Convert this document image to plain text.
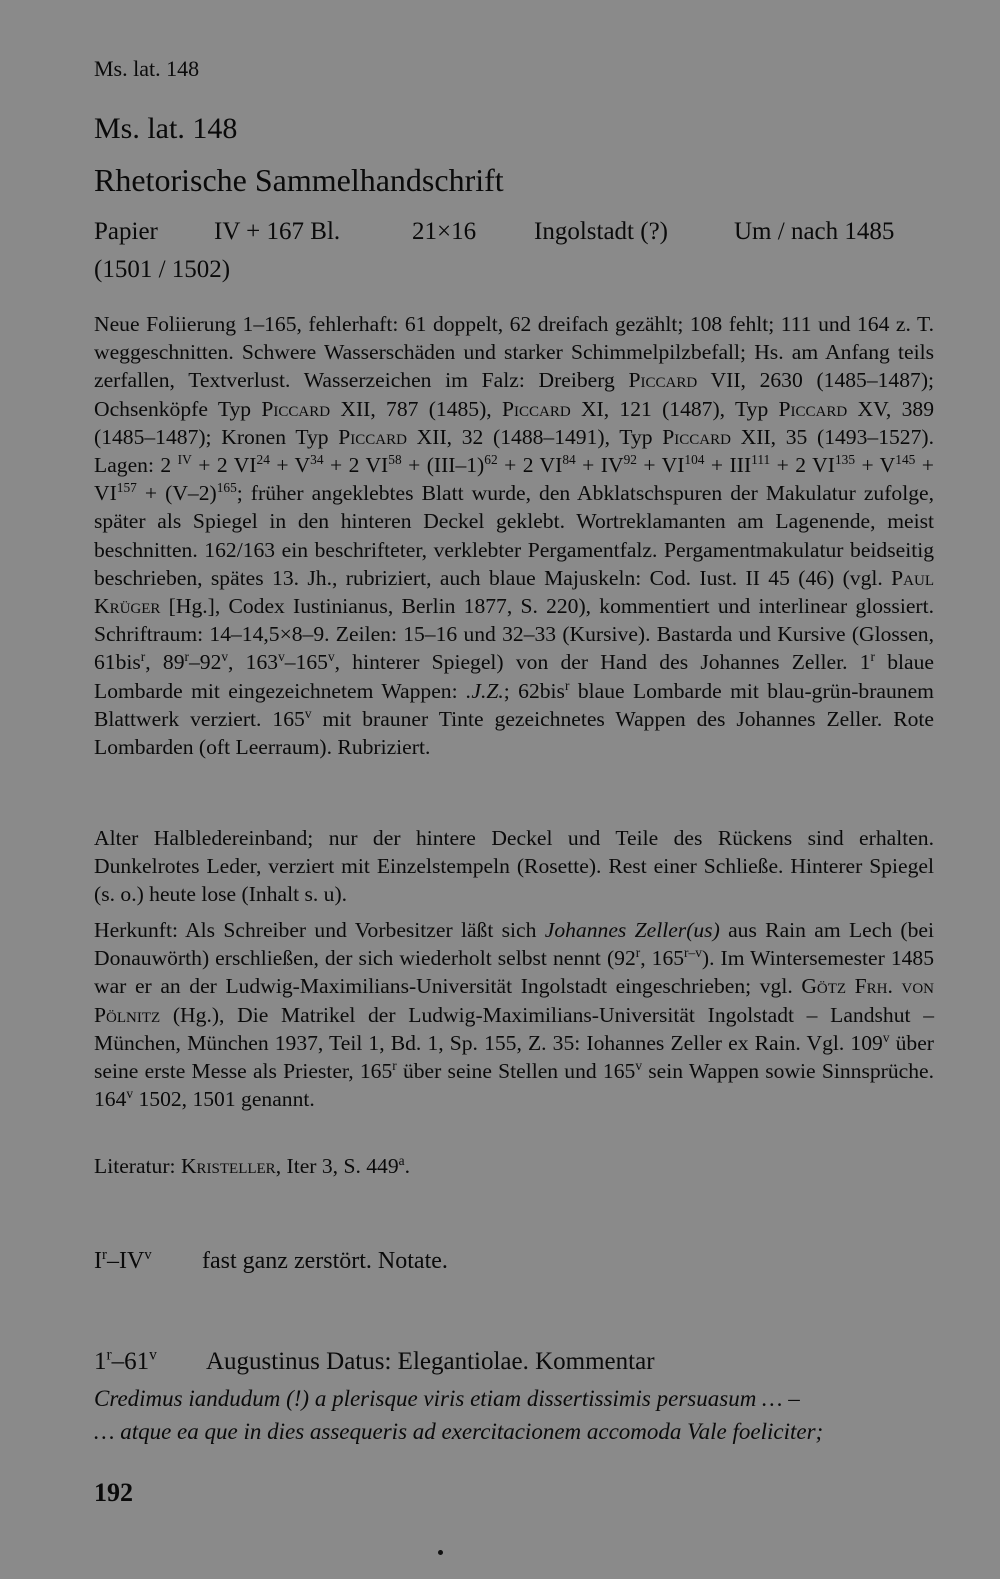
Ms. lat. 148
Ms. lat. 148
Rhetorische Sammelhandschrift
Papier IV + 167 Bl.	21×16 Ingolstadt (?)	Um / nach 1485
(1501 / 1502)
Neue Foliierung 1–165, fehlerhaft: 61 doppelt, 62 dreifach gezählt; 108 fehlt; 111 und 164 z. T. weggeschnitten. Schwere Wasserschäden und starker Schimmelpilzbefall; Hs. am Anfang teils zerfallen, Textverlust. Wasserzeichen im Falz: Dreiberg Piccard VII, 2630 (1485–1487); Ochsenköpfe Typ Piccard XII, 787 (1485), Piccard XI, 121 (1487), Typ Piccard XV, 389 (1485–1487); Kronen Typ Piccard XII, 32 (1488–1491), Typ Piccard XII, 35 (1493–1527). Lagen: 2 $^{IV}$ + 2 $VI^{24} + V^{34} + 2$ $VI^{58} + (III-1)^{62} + 2$ $VI^{84} + IV^{92} + VI^{104} + III^{111} + 2$ $VI^{135} + V^{145} + VI^{157} + (V-2)^{165}$; früher angeklebtes Blatt wurde, den Abklatschspuren der Makulatur zufolge, später als Spiegel in den hinteren Deckel geklebt. Wortreklamanten am Lagenende, meist beschnitten. 162/163 ein beschrifteter, verklebter Pergamentfalz. Pergamentmakulatur beidseitig beschrieben, spätes 13. Jh., rubriziert, auch blaue Majuskeln: Cod. Iust. II 45 (46) (vgl. Paul Krüger [Hg.], Codex Iustinianus, Berlin 1877, S. 220), kommentiert und interlinear glossiert. Schriftraum: 14–14,5×8–9. Zeilen: 15–16 und 32–33 (Kursive). Bastarda und Kursive (Glossen, 61bis$^r$, 89$^r$–92$^v$, 163$^v$–165$^v$, hinterer Spiegel) von der Hand des Johannes Zeller. 1$^r$ blaue Lombarde mit eingezeichnetem Wappen: .J.Z.; 62bis$^r$ blaue Lombarde mit blau-grün-braunem Blattwerk verziert. 165$^v$ mit brauner Tinte gezeichnetes Wappen des Johannes Zeller. Rote Lombarden (oft Leerraum). Rubriziert.
Alter Halbledereinband; nur der hintere Deckel und Teile des Rückens sind erhalten. Dunkelrotes Leder, verziert mit Einzelstempeln (Rosette). Rest einer Schließe. Hinterer Spiegel (s. o.) heute lose (Inhalt s. u).
Herkunft: Als Schreiber und Vorbesitzer läßt sich Johannes Zeller(us) aus Rain am Lech (bei Donauwörth) erschließen, der sich wiederholt selbst nennt (92$^r$, 165$^{r-v}$). Im Wintersemester 1485 war er an der Ludwig-Maximilians-Universität Ingolstadt eingeschrieben; vgl. Götz Frh. von Pölnitz (Hg.), Die Matrikel der Ludwig-Maximilians-Universität Ingolstadt – Landshut – München, München 1937, Teil 1, Bd. 1, Sp. 155, Z. 35: Iohannes Zeller ex Rain. Vgl. 109$^v$ über seine erste Messe als Priester, 165$^r$ über seine Stellen und 165$^v$ sein Wappen sowie Sinnsprüche. 164$^v$ 1502, 1501 genannt.
Literatur: Kristeller, Iter 3, S. 449$^a$.
$I^r-IV^v$ fast ganz zerstört. Notate.
1$^r$–61$^v$ Augustinus Datus: Elegantiolae. Kommentar
Credimus iandudum (!) a plerisque viris etiam dissertissimis persuasum … –
… atque ea que in dies assequeris ad exercitacionem accomoda Vale foeliciter;
192
